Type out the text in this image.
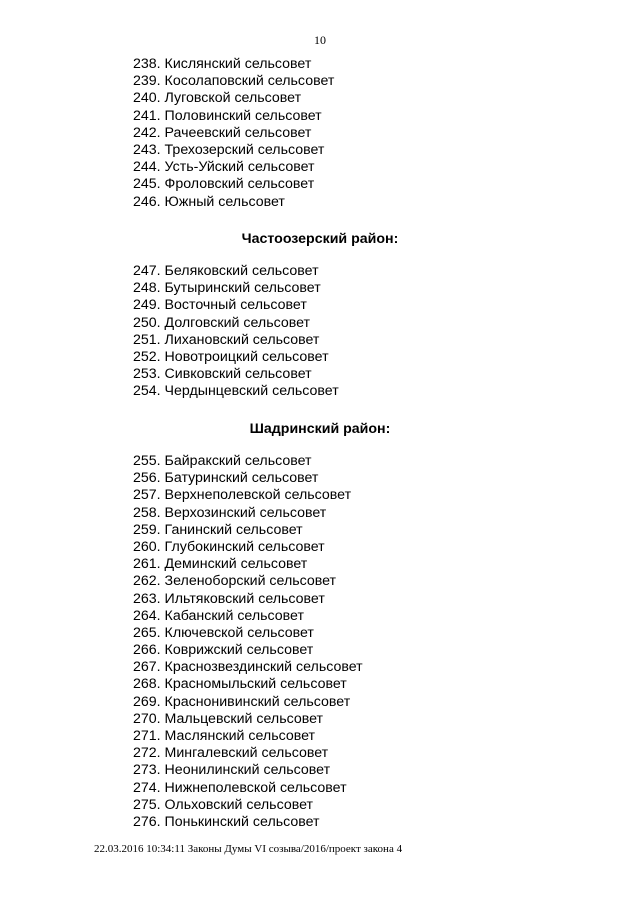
10
238. Кислянский сельсовет
239. Косолаповский сельсовет
240. Луговской сельсовет
241. Половинский сельсовет
242. Рачеевский сельсовет
243. Трехозерский сельсовет
244. Усть-Уйский сельсовет
245. Фроловский сельсовет
246. Южный сельсовет
Частоозерский район:
247. Беляковский сельсовет
248. Бутыринский сельсовет
249. Восточный сельсовет
250. Долговский сельсовет
251. Лихановский сельсовет
252. Новотроицкий сельсовет
253. Сивковский сельсовет
254. Чердынцевский сельсовет
Шадринский район:
255. Байракский сельсовет
256. Батуринский сельсовет
257. Верхнеполевской сельсовет
258. Верхозинский сельсовет
259. Ганинский сельсовет
260. Глубокинский сельсовет
261. Деминский сельсовет
262. Зеленоборский сельсовет
263. Ильтяковский сельсовет
264. Кабанский сельсовет
265. Ключевской сельсовет
266. Коврижский сельсовет
267. Краснозвездинский сельсовет
268. Красномыльский сельсовет
269. Краснонивинский сельсовет
270. Мальцевский сельсовет
271. Маслянский сельсовет
272. Мингалевский сельсовет
273. Неонилинский сельсовет
274. Нижнеполевской сельсовет
275. Ольховский сельсовет
276. Понькинский сельсовет
22.03.2016 10:34:11 Законы Думы VI созыва/2016/проект закона 4
